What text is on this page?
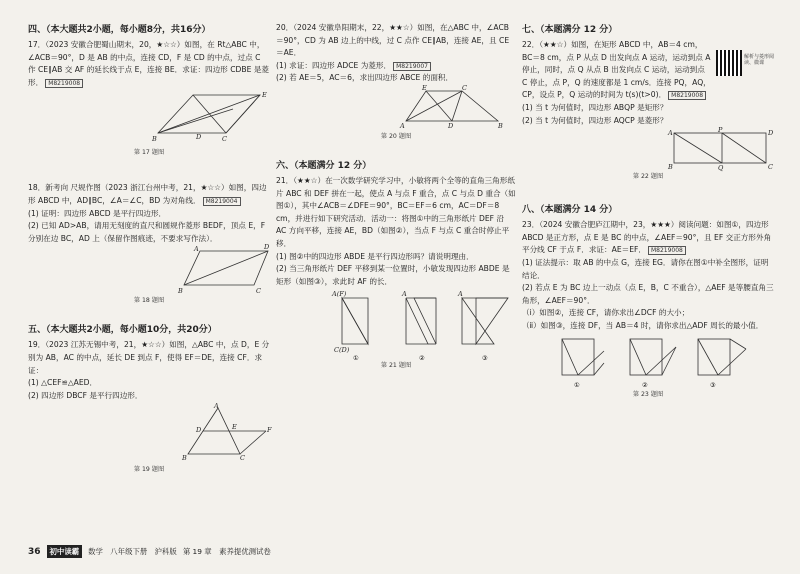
四、（本大题共2小题，每小题8分，共16分）

17．（2023 安徽合肥蜀山期末，20，★☆☆）如图，在 Rt△ABC 中，∠ACB＝90°，D 是 AB 的中点，连接 CD，F 是 CD 的中点，过点 C 作 CE∥AB 交 AF 的延长线于点 E，连接 BE．求证：四边形 CDBE 是菱形． M8219008

B	C
E
D
第 17 题图

18．新考向 尺规作图（2023 浙江台州中考，21，★☆☆）如图，四边形 ABCD 中，AD∥BC，∠A＝∠C，BD 为对角线． M8219004

(1) 证明：四边形 ABCD 是平行四边形．

(2) 已知 AD>AB，请用无刻度的直尺和圆规作菱形 BEDF，顶点 E，F 分别在边 BC，AD 上（保留作图痕迹，不要求写作法）．

B	C
A	D
第 18 题图

五、（本大题共2小题，每小题10分，共20分）

19．（2023 江苏无锡中考，21，★☆☆）如图，△ABC 中，点 D，E 分别为 AB，AC 的中点，延长 DE 到点 F，使得 EF＝DE，连接 CF．求证：

(1) △CEF≌△AED．

(2) 四边形 DBCF 是平行四边形．

A
B	C
D	E	F
第 19 题图

20．（2024 安徽阜阳期末，22，★★☆）如图，在△ABC 中，∠ACB＝90°，CD 为 AB 边上的中线，过 C 点作 CE∥AB，连接 AE，且 CE＝AE．

(1) 求证：四边形 ADCE 为菱形． M8219007

(2) 若 AE＝5，AC＝6，求出四边形 ABCE 的面积．

A	D	B
E	C
第 20 题图

六、（本题满分 12 分）

21．（★★☆）在一次数学研究学习中，小敏将两个全等的直角三角形纸片 ABC 和 DEF 拼在一起，使点 A 与点 F 重合，点 C 与点 D 重合（如图①），其中∠ACB＝∠DFE＝90°，BC＝EF＝6 cm，AC＝DF＝8 cm，并进行如下研究活动．活动一：将图①中的三角形纸片 DEF 沿 AC 方向平移，连接 AE，BD（如图②），当点 F 与点 C 重合时停止平移．

(1) 图②中的四边形 ABDE 是平行四边形吗？请说明理由．

(2) 当三角形纸片 DEF 平移到某一位置时，小敏发现四边形 ABDE 是矩形（如图③），求此时 AF 的长．

A(F)
C(D)
A	A
①	②	③
第 21 题图

七、（本题满分 12 分）

22．（★★☆）如图，在矩形 ABCD 中，AB＝4 cm，BC＝8 cm，点 P 从点 D 出发向点 A 运动，运动到点 A 停止，同时，点 Q 从点 B 出发向点 C 运动，运动到点 C 停止，点 P，Q 的速度都是 1 cm/s．连接 PQ，AQ，CP，设点 P，Q 运动的时间为 t(s)(t>0)． M8219008

(1) 当 t 为何值时，四边形 ABQP 是矩形？

(2) 当 t 为何值时，四边形 AQCP 是菱形？

A	P	D
B	Q	C
第 22 题图

八、（本题满分 14 分）

23．（2024 安徽合肥庐江期中，23，★★★）阅读问题：如图①，四边形 ABCD 是正方形，点 E 是 BC 的中点，∠AEF＝90°，且 EF 交正方形外角平分线 CF 于点 F．求证：AE＝EF． M8219008

(1) 证法提示：取 AB 的中点 G，连接 EG．请你在图①中补全图形，证明结论．

(2) 若点 E 为 BC 边上一动点（点 E，B，C 不重合），△AEF 是等腰直角三角形，∠AEF＝90°．

（ⅰ）如图②，连接 CF，请你求出∠DCF 的大小；

（ⅱ）如图③，连接 DF，当 AB＝4 时，请你求出△ADF 周长的最小值．

①	②	③
第 23 题图
解析与菱形阅读、微课
36	初中读霸	数学　八年级下册　沪科版 第 19 章　素养提优测试卷
